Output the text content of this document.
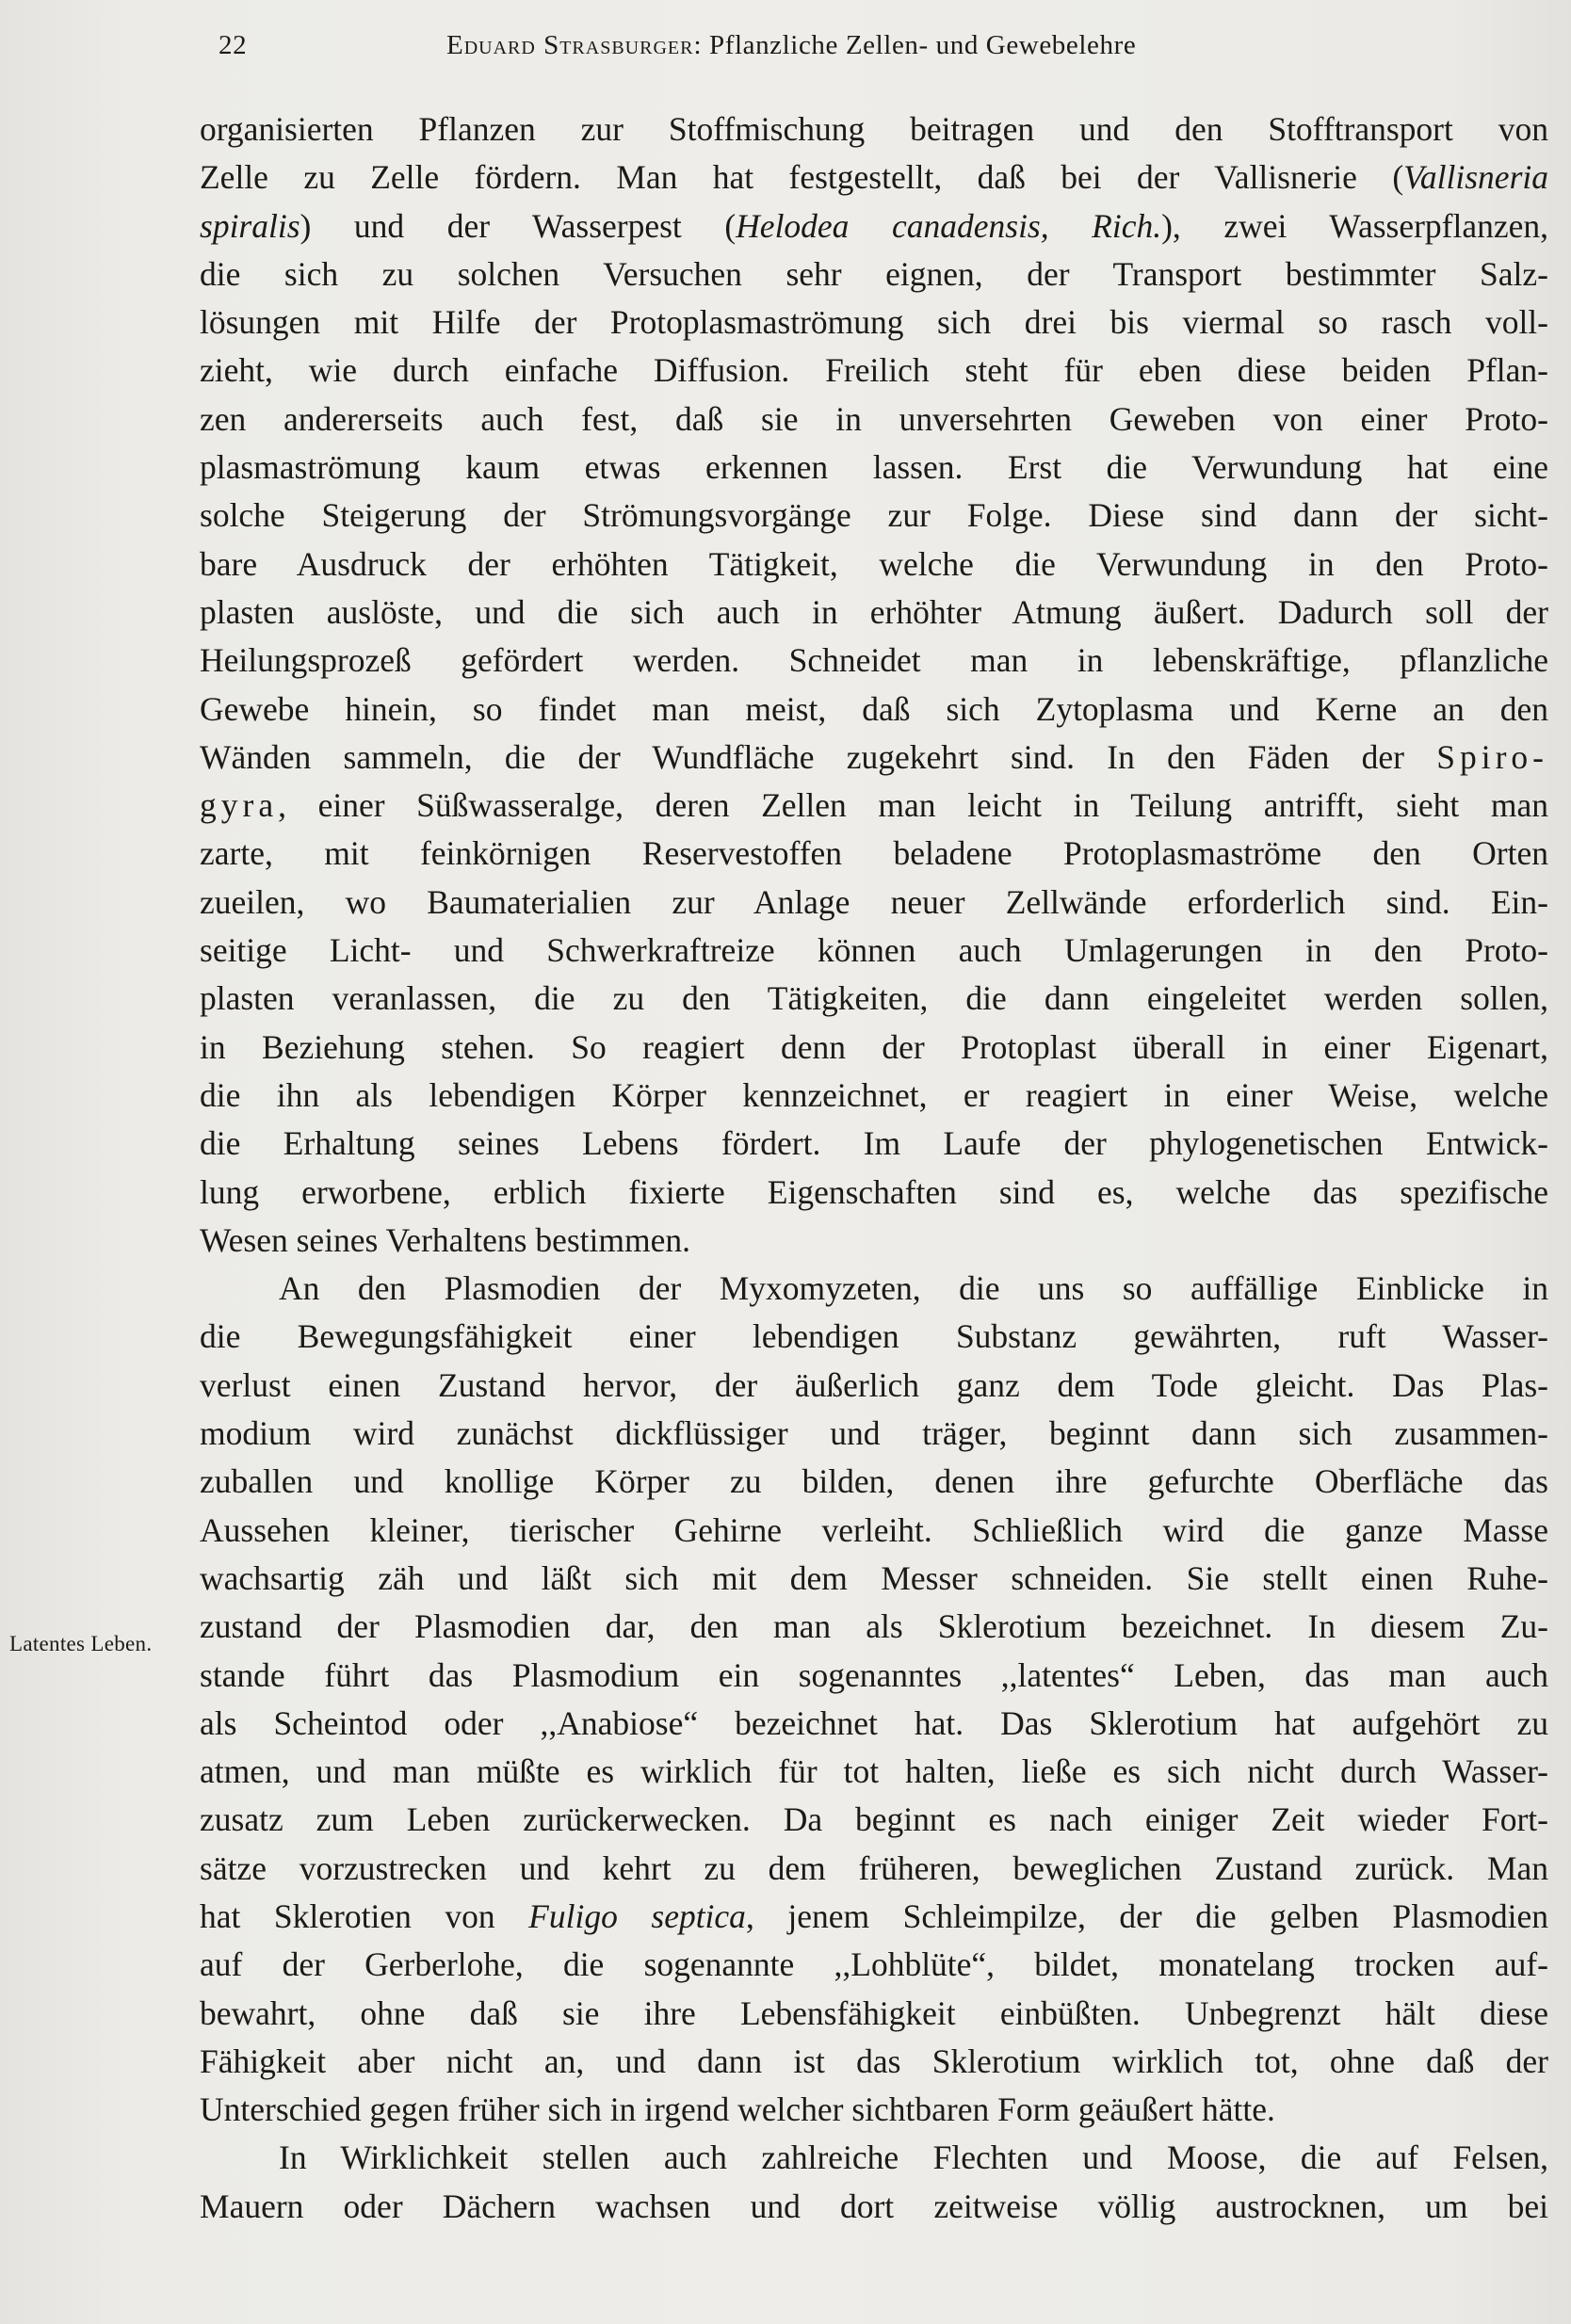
22	Eduard Strasburger: Pflanzliche Zellen- und Gewebelehre
Latentes Leben.
organisierten Pflanzen zur Stoffmischung beitragen und den Stofftransport von
Zelle zu Zelle fördern. Man hat festgestellt, daß bei der Vallisnerie (Vallisneria
spiralis) und der Wasserpest (Helodea canadensis, Rich.), zwei Wasserpflanzen,
die sich zu solchen Versuchen sehr eignen, der Transport bestimmter Salz-
lösungen mit Hilfe der Protoplasmaströmung sich drei bis viermal so rasch voll-
zieht, wie durch einfache Diffusion. Freilich steht für eben diese beiden Pflan-
zen andererseits auch fest, daß sie in unversehrten Geweben von einer Proto-
plasmaströmung kaum etwas erkennen lassen. Erst die Verwundung hat eine
solche Steigerung der Strömungsvorgänge zur Folge. Diese sind dann der sicht-
bare Ausdruck der erhöhten Tätigkeit, welche die Verwundung in den Proto-
plasten auslöste, und die sich auch in erhöhter Atmung äußert. Dadurch soll der
Heilungsprozeß gefördert werden. Schneidet man in lebenskräftige, pflanzliche
Gewebe hinein, so findet man meist, daß sich Zytoplasma und Kerne an den
Wänden sammeln, die der Wundfläche zugekehrt sind. In den Fäden der Spiro-
gyra, einer Süßwasseralge, deren Zellen man leicht in Teilung antrifft, sieht man
zarte, mit feinkörnigen Reservestoffen beladene Protoplasmaströme den Orten
zueilen, wo Baumaterialien zur Anlage neuer Zellwände erforderlich sind. Ein-
seitige Licht- und Schwerkraftreize können auch Umlagerungen in den Proto-
plasten veranlassen, die zu den Tätigkeiten, die dann eingeleitet werden sollen,
in Beziehung stehen. So reagiert denn der Protoplast überall in einer Eigenart,
die ihn als lebendigen Körper kennzeichnet, er reagiert in einer Weise, welche
die Erhaltung seines Lebens fördert. Im Laufe der phylogenetischen Entwick-
lung erworbene, erblich fixierte Eigenschaften sind es, welche das spezifische
Wesen seines Verhaltens bestimmen.
An den Plasmodien der Myxomyzeten, die uns so auffällige Einblicke in
die Bewegungsfähigkeit einer lebendigen Substanz gewährten, ruft Wasser-
verlust einen Zustand hervor, der äußerlich ganz dem Tode gleicht. Das Plas-
modium wird zunächst dickflüssiger und träger, beginnt dann sich zusammen-
zuballen und knollige Körper zu bilden, denen ihre gefurchte Oberfläche das
Aussehen kleiner, tierischer Gehirne verleiht. Schließlich wird die ganze Masse
wachsartig zäh und läßt sich mit dem Messer schneiden. Sie stellt einen Ruhe-
zustand der Plasmodien dar, den man als Sklerotium bezeichnet. In diesem Zu-
stande führt das Plasmodium ein sogenanntes ,,latentes“ Leben, das man auch
als Scheintod oder ,,Anabiose“ bezeichnet hat. Das Sklerotium hat aufgehört zu
atmen, und man müßte es wirklich für tot halten, ließe es sich nicht durch Wasser-
zusatz zum Leben zurückerwecken. Da beginnt es nach einiger Zeit wieder Fort-
sätze vorzustrecken und kehrt zu dem früheren, beweglichen Zustand zurück. Man
hat Sklerotien von Fuligo septica, jenem Schleimpilze, der die gelben Plasmodien
auf der Gerberlohe, die sogenannte ,,Lohblüte“, bildet, monatelang trocken auf-
bewahrt, ohne daß sie ihre Lebensfähigkeit einbüßten. Unbegrenzt hält diese
Fähigkeit aber nicht an, und dann ist das Sklerotium wirklich tot, ohne daß der
Unterschied gegen früher sich in irgend welcher sichtbaren Form geäußert hätte.
In Wirklichkeit stellen auch zahlreiche Flechten und Moose, die auf Felsen,
Mauern oder Dächern wachsen und dort zeitweise völlig austrocknen, um bei
